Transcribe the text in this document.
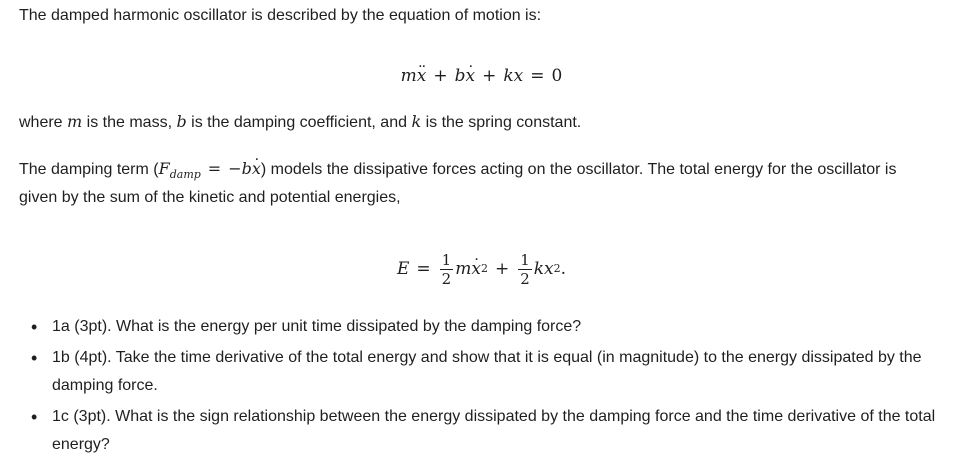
The damped harmonic oscillator is described by the equation of motion is:

m·· x + b· x + kx = 0

where m is the mass, b is the damping coefficient, and k is the spring constant.

The damping term $(F_{damp} = -b\cdot x)$ models the dissipative forces acting on the oscillator. The total energy for the oscillator is given by the sum of the kinetic and potential energies,

$E = \frac{1}{2}$ m
· x $2 + \frac{1}{2}$ k x 2 .
• 1a (3pt). What is the energy per unit time dissipated by the damping force?
• 1b (4pt). Take the time derivative of the total energy and show that it is equal (in magnitude) to the energy dissipated by the damping force.
• 1c (3pt). What is the sign relationship between the energy dissipated by the damping force and the time derivative of the total energy?
